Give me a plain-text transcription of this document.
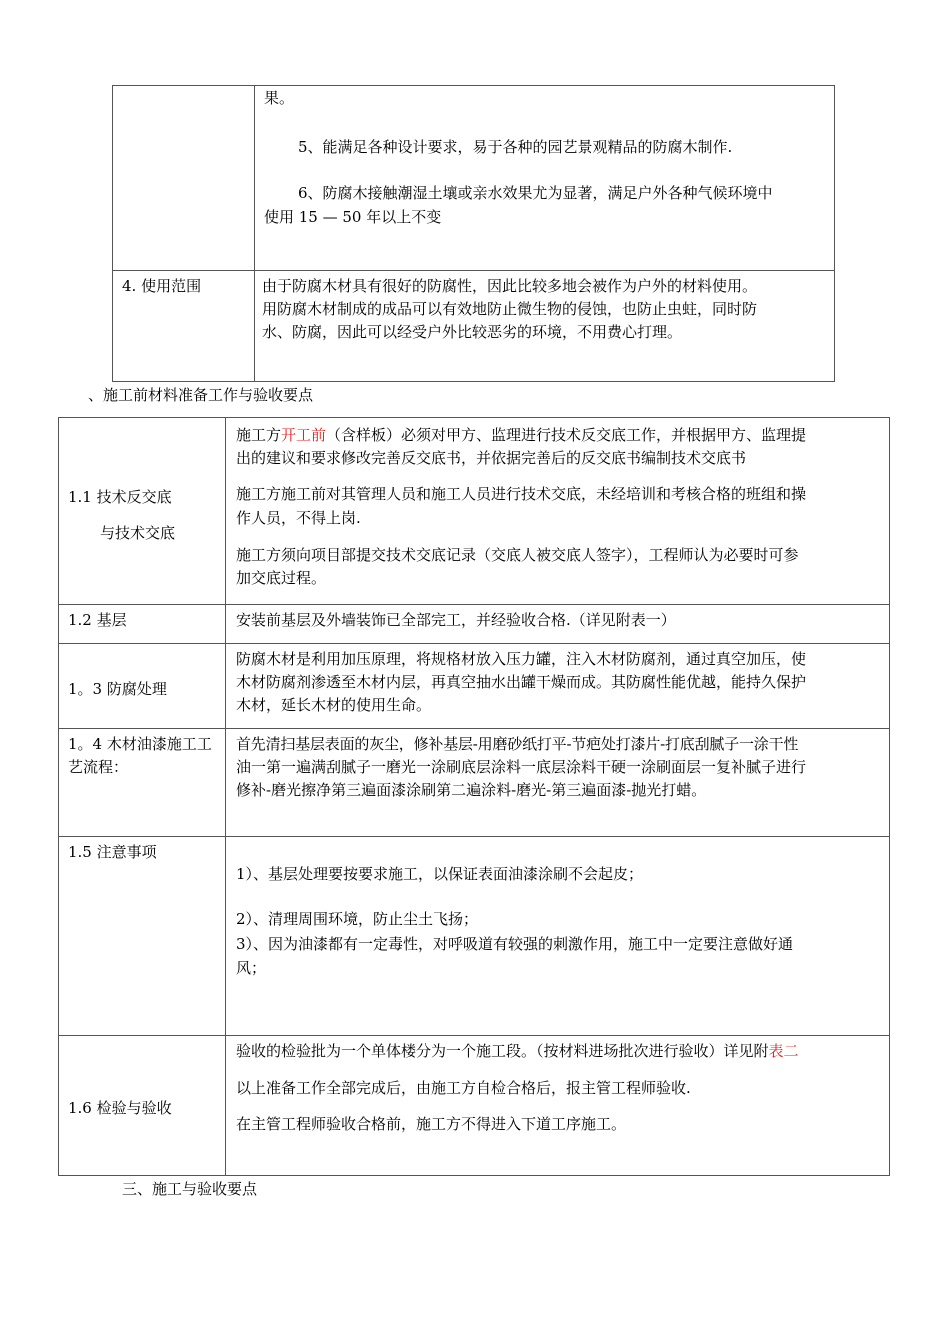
果。
5、能满足各种设计要求，易于各种的园艺景观精品的防腐木制作.
6、防腐木接触潮湿土壤或亲水效果尤为显著，满足户外各种气候环境中
使用 15 — 50 年以上不变
4. 使用范围	由于防腐木材具有很好的防腐性，因此比较多地会被作为户外的材料使用。
用防腐木材制成的成品可以有效地防止微生物的侵蚀，也防止虫蛀，同时防
水、防腐，因此可以经受户外比较恶劣的环境，不用费心打理。
、施工前材料准备工作与验收要点
1.1 技术反交底
与技术交底
施工方开工前（含样板）必须对甲方、监理进行技术反交底工作，并根据甲方、监理提
出的建议和要求修改完善反交底书，并依据完善后的反交底书编制技术交底书
施工方施工前对其管理人员和施工人员进行技术交底，未经培训和考核合格的班组和操
作人员，不得上岗.
施工方须向项目部提交技术交底记录（交底人被交底人签字），工程师认为必要时可参
加交底过程。
1.2 基层	安装前基层及外墙装饰已全部完工，并经验收合格.（详见附表一）
1。3 防腐处理
防腐木材是利用加压原理，将规格材放入压力罐，注入木材防腐剂，通过真空加压，使
木材防腐剂渗透至木材内层，再真空抽水出罐干燥而成。其防腐性能优越，能持久保护
木材，延长木材的使用生命。
1。4 木材油漆施工工
艺流程：
首先清扫基层表面的灰尘，修补基层-用磨砂纸打平-节疤处打漆片-打底刮腻子一涂干性
油一第一遍满刮腻子一磨光一涂刷底层涂料一底层涂料干硬一涂刷面层一复补腻子进行
修补-磨光擦净第三遍面漆涂刷第二遍涂料-磨光-第三遍面漆-抛光打蜡。
1.5 注意事项
1）、基层处理要按要求施工，以保证表面油漆涂刷不会起皮；
2）、清理周围环境，防止尘土飞扬；
3）、因为油漆都有一定毒性，对呼吸道有较强的刺激作用，施工中一定要注意做好通
风；
1.6 检验与验收
验收的检验批为一个单体楼分为一个施工段。（按材料进场批次进行验收）详见附表二
以上准备工作全部完成后，由施工方自检合格后，报主管工程师验收.
在主管工程师验收合格前，施工方不得进入下道工序施工。
三、施工与验收要点
